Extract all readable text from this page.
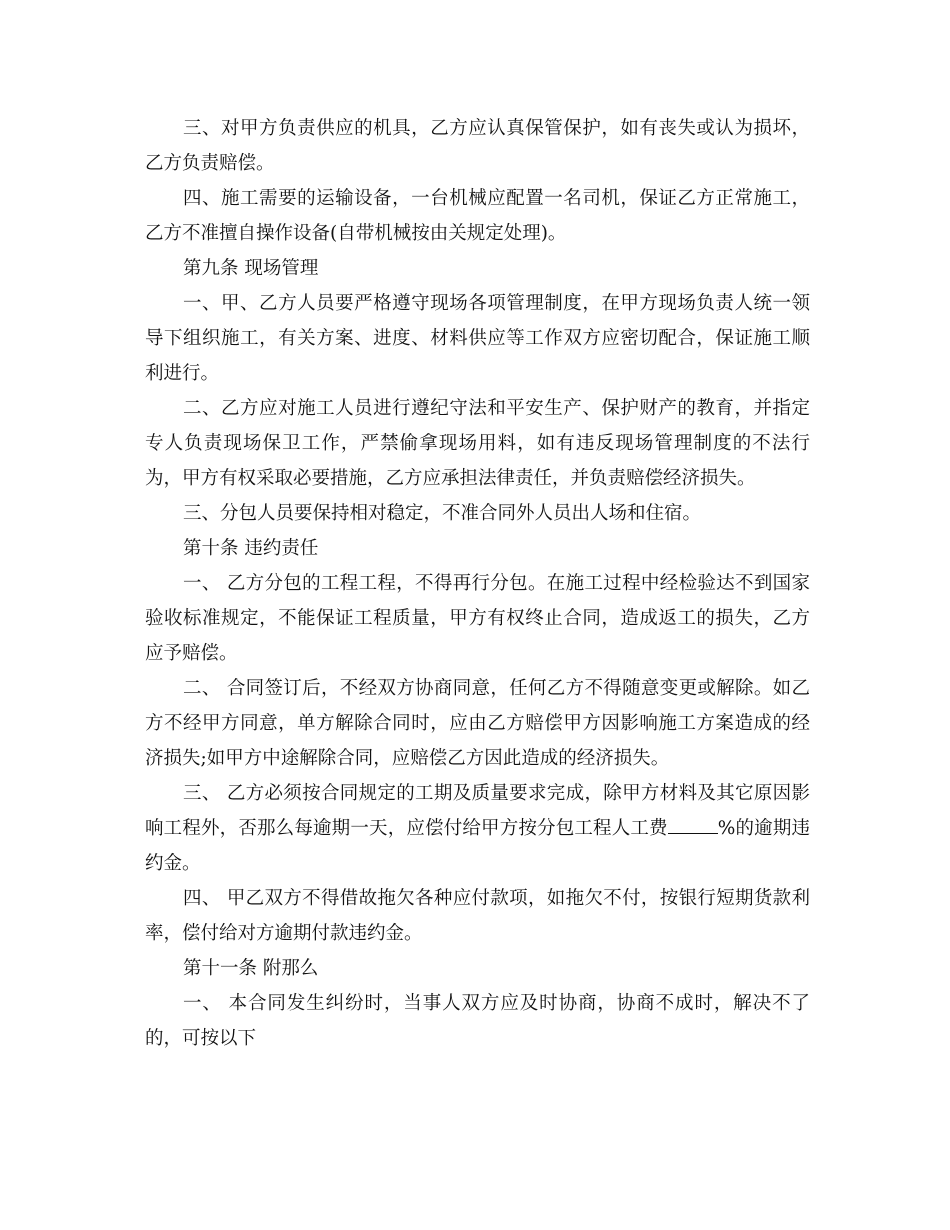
三、对甲方负责供应的机具，乙方应认真保管保护，如有丧失或认为损坏，乙方负责赔偿。

四、施工需要的运输设备，一台机械应配置一名司机，保证乙方正常施工，乙方不准擅自操作设备(自带机械按由关规定处理)。

第九条 现场管理

一、甲、乙方人员要严格遵守现场各项管理制度，在甲方现场负责人统一领导下组织施工，有关方案、进度、材料供应等工作双方应密切配合，保证施工顺利进行。

二、乙方应对施工人员进行遵纪守法和平安生产、保护财产的教育，并指定专人负责现场保卫工作，严禁偷拿现场用料，如有违反现场管理制度的不法行为，甲方有权采取必要措施，乙方应承担法律责任，并负责赔偿经济损失。

三、分包人员要保持相对稳定，不准合同外人员出人场和住宿。

第十条 违约责任

一、 乙方分包的工程工程，不得再行分包。在施工过程中经检验达不到国家验收标准规定，不能保证工程质量，甲方有权终止合同，造成返工的损失，乙方应予赔偿。

二、 合同签订后，不经双方协商同意，任何乙方不得随意变更或解除。如乙方不经甲方同意，单方解除合同时，应由乙方赔偿甲方因影响施工方案造成的经济损失;如甲方中途解除合同，应赔偿乙方因此造成的经济损失。

三、 乙方必须按合同规定的工期及质量要求完成，除甲方材料及其它原因影响工程外，否那么每逾期一天，应偿付给甲方按分包工程人工费	%的逾期违约金。

四、 甲乙双方不得借故拖欠各种应付款项，如拖欠不付，按银行短期货款利率，偿付给对方逾期付款违约金。

第十一条 附那么

一、 本合同发生纠纷时，当事人双方应及时协商，协商不成时，解决不了的，可按以下
